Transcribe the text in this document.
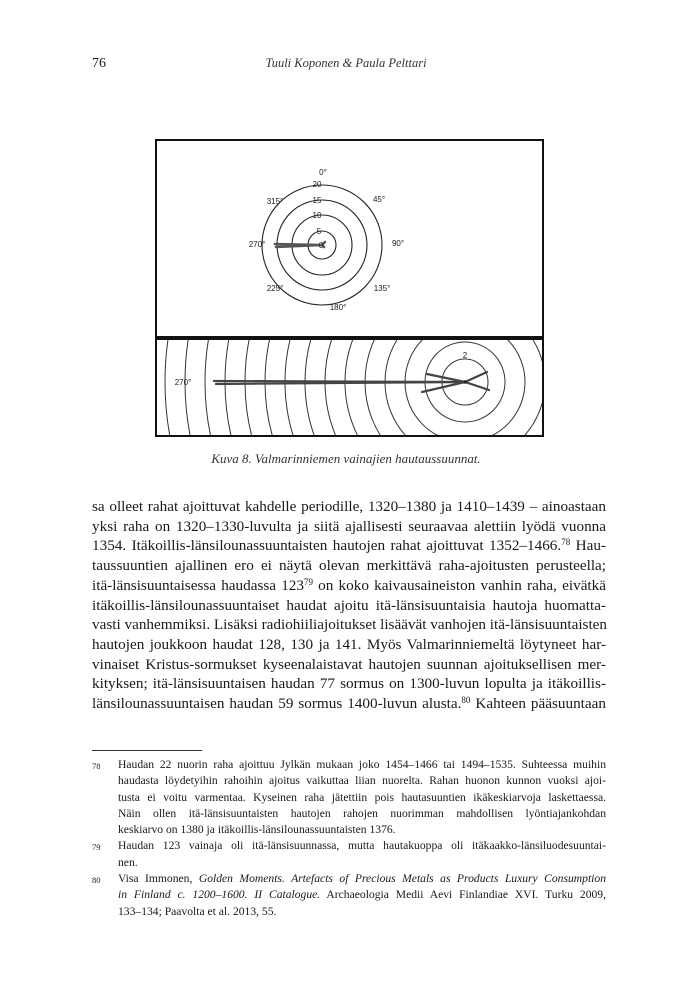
76	Tuuli Koponen & Paula Pelttari
0
5
10
15
20
0°
45°
90°
135°
180°
225°
270°
315°
2
270°
Kuva 8. Valmarinniemen vainajien hautaussuunnat.
sa olleet rahat ajoittuvat kahdelle periodille, 1320–1380 ja 1410–1439 – ainoastaan
yksi raha on 1320–1330-luvulta ja siitä ajallisesti seuraavaa alettiin lyödä vuonna
1354. Itäkoillis-länsilounassuuntaisten hautojen rahat ajoittuvat 1352–1466.78 Hau-
taussuuntien ajallinen ero ei näytä olevan merkittävä raha-ajoitusten perusteella;
itä-länsisuuntaisessa haudassa 123$^{79}$ on koko kaivausaineiston vanhin raha, eivätkä
itäkoillis-länsilounassuuntaiset haudat ajoitu itä-länsisuuntaisia hautoja huomatta-
vasti vanhemmiksi. Lisäksi radiohiiliajoitukset lisäävät vanhojen itä-länsisuuntaisten
hautojen joukkoon haudat 128, 130 ja 141. Myös Valmarinniemeltä löytyneet har-
vinaiset Kristus-sormukset kyseenalaistavat hautojen suunnan ajoituksellisen mer-
kityksen; itä-länsisuuntaisen haudan 77 sormus on 1300-luvun lopulta ja itäkoillis-
länsilounassuuntaisen haudan 59 sormus 1400-luvun alusta.$^{80}$ Kahteen pääsuuntaan
78	Haudan 22 nuorin raha ajoittuu Jylkän mukaan joko 1454–1466 tai 1494–1535. Suhteessa muihin
haudasta löydetyihin rahoihin ajoitus vaikuttaa liian nuorelta. Rahan huonon kunnon vuoksi ajoi-
tusta ei voitu varmentaa. Kyseinen raha jätettiin pois hautasuuntien ikäkeskiarvoja laskettaessa.
Näin ollen itä-länsisuuntaisten hautojen rahojen nuorimman mahdollisen lyöntiajankohdan
keskiarvo on 1380 ja itäkoillis-länsilounassuuntaisten 1376.
79	Haudan 123 vainaja oli itä-länsisuunnassa, mutta hautakuoppa oli itäkaakko-länsiluodesuuntai-
nen.
80	Visa Immonen, Golden Moments. Artefacts of Precious Metals as Products Luxury Consumption
in Finland c. 1200–1600. II Catalogue. Archaeologia Medii Aevi Finlandiae XVI. Turku 2009,
133–134; Paavolta et al. 2013, 55.
